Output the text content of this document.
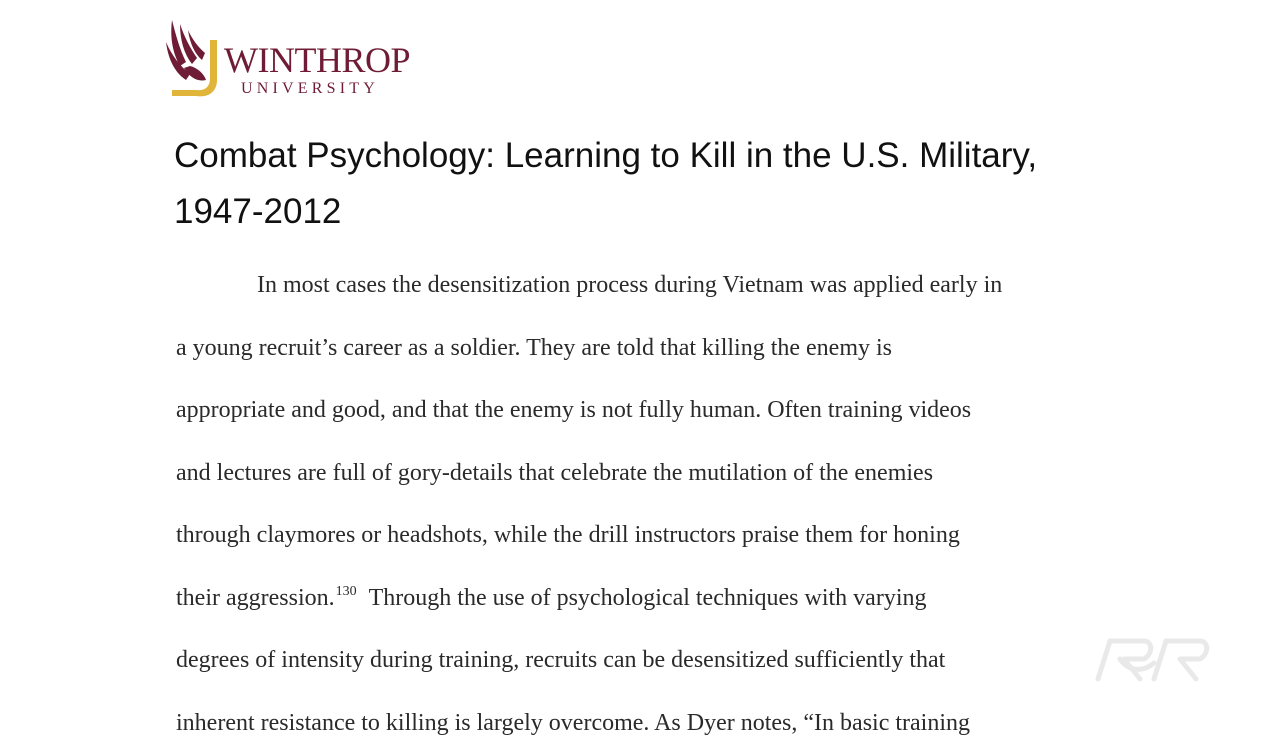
WINTHROP
UNIVERSITY
Combat Psychology: Learning to Kill in the U.S. Military,
1947-2012
In most cases the desensitization process during Vietnam was applied early in
a young recruit’s career as a soldier. They are told that killing the enemy is
appropriate and good, and that the enemy is not fully human. Often training videos
and lectures are full of gory-details that celebrate the mutilation of the enemies
through claymores or headshots, while the drill instructors praise them for honing
their aggression.$^{130}$ Through the use of psychological techniques with varying
degrees of intensity during training, recruits can be desensitized sufficiently that
inherent resistance to killing is largely overcome. As Dyer notes, “In basic training
